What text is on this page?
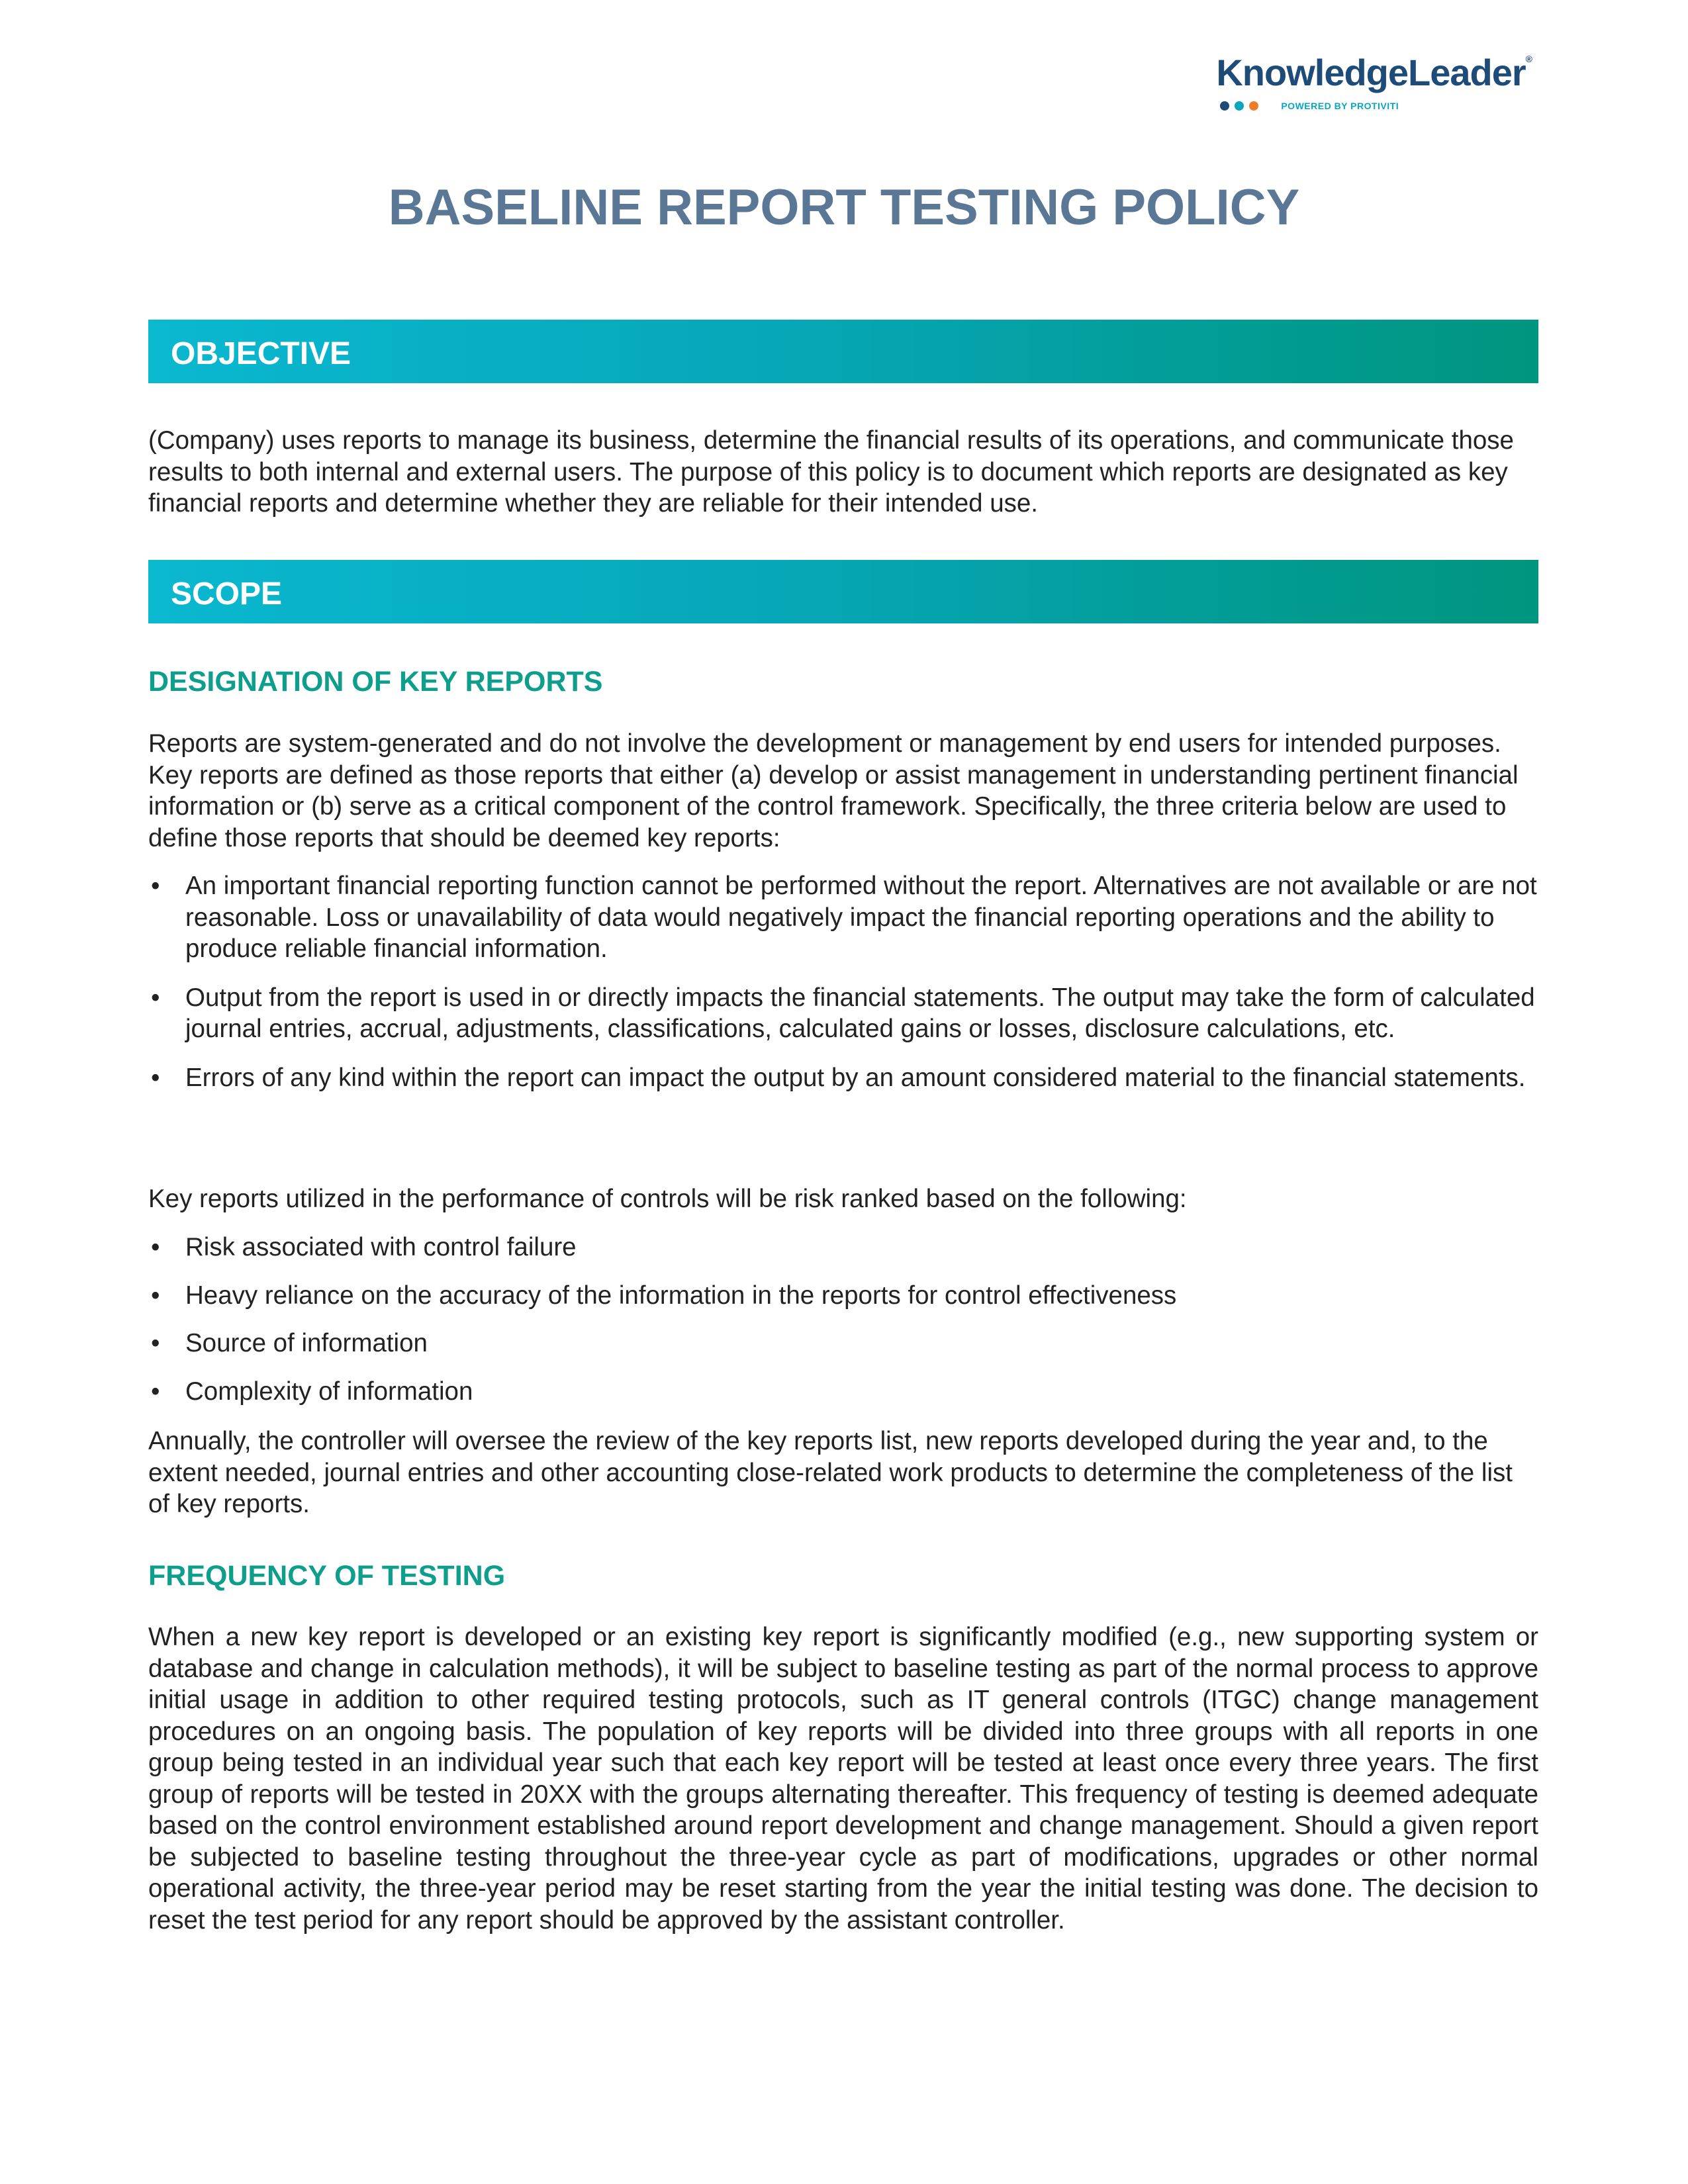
KnowledgeLeader®
POWERED BY PROTIVITI
BASELINE REPORT TESTING POLICY
OBJECTIVE

(Company) uses reports to manage its business, determine the financial results of its operations, and communicate those results to both internal and external users. The purpose of this policy is to document which reports are designated as key financial reports and determine whether they are reliable for their intended use.

SCOPE
DESIGNATION OF KEY REPORTS

Reports are system-generated and do not involve the development or management by end users for intended purposes. Key reports are defined as those reports that either (a) develop or assist management in understanding pertinent financial information or (b) serve as a critical component of the control framework. Specifically, the three criteria below are used to define those reports that should be deemed key reports:

• An important financial reporting function cannot be performed without the report. Alternatives are not available or are not reasonable. Loss or unavailability of data would negatively impact the financial reporting operations and the ability to produce reliable financial information.
• Output from the report is used in or directly impacts the financial statements. The output may take the form of calculated journal entries, accrual, adjustments, classifications, calculated gains or losses, disclosure calculations, etc.
• Errors of any kind within the report can impact the output by an amount considered material to the financial statements.

Key reports utilized in the performance of controls will be risk ranked based on the following:

• Risk associated with control failure
• Heavy reliance on the accuracy of the information in the reports for control effectiveness
• Source of information
• Complexity of information

Annually, the controller will oversee the review of the key reports list, new reports developed during the year and, to the extent needed, journal entries and other accounting close-related work products to determine the completeness of the list of key reports.

FREQUENCY OF TESTING

When a new key report is developed or an existing key report is significantly modified (e.g., new supporting system or database and change in calculation methods), it will be subject to baseline testing as part of the normal process to approve initial usage in addition to other required testing protocols, such as IT general controls (ITGC) change management procedures on an ongoing basis. The population of key reports will be divided into three groups with all reports in one group being tested in an individual year such that each key report will be tested at least once every three years. The first group of reports will be tested in 20XX with the groups alternating thereafter. This frequency of testing is deemed adequate based on the control environment established around report development and change management. Should a given report be subjected to baseline testing throughout the three-year cycle as part of modifications, upgrades or other normal operational activity, the three-year period may be reset starting from the year the initial testing was done. The decision to reset the test period for any report should be approved by the assistant controller.
